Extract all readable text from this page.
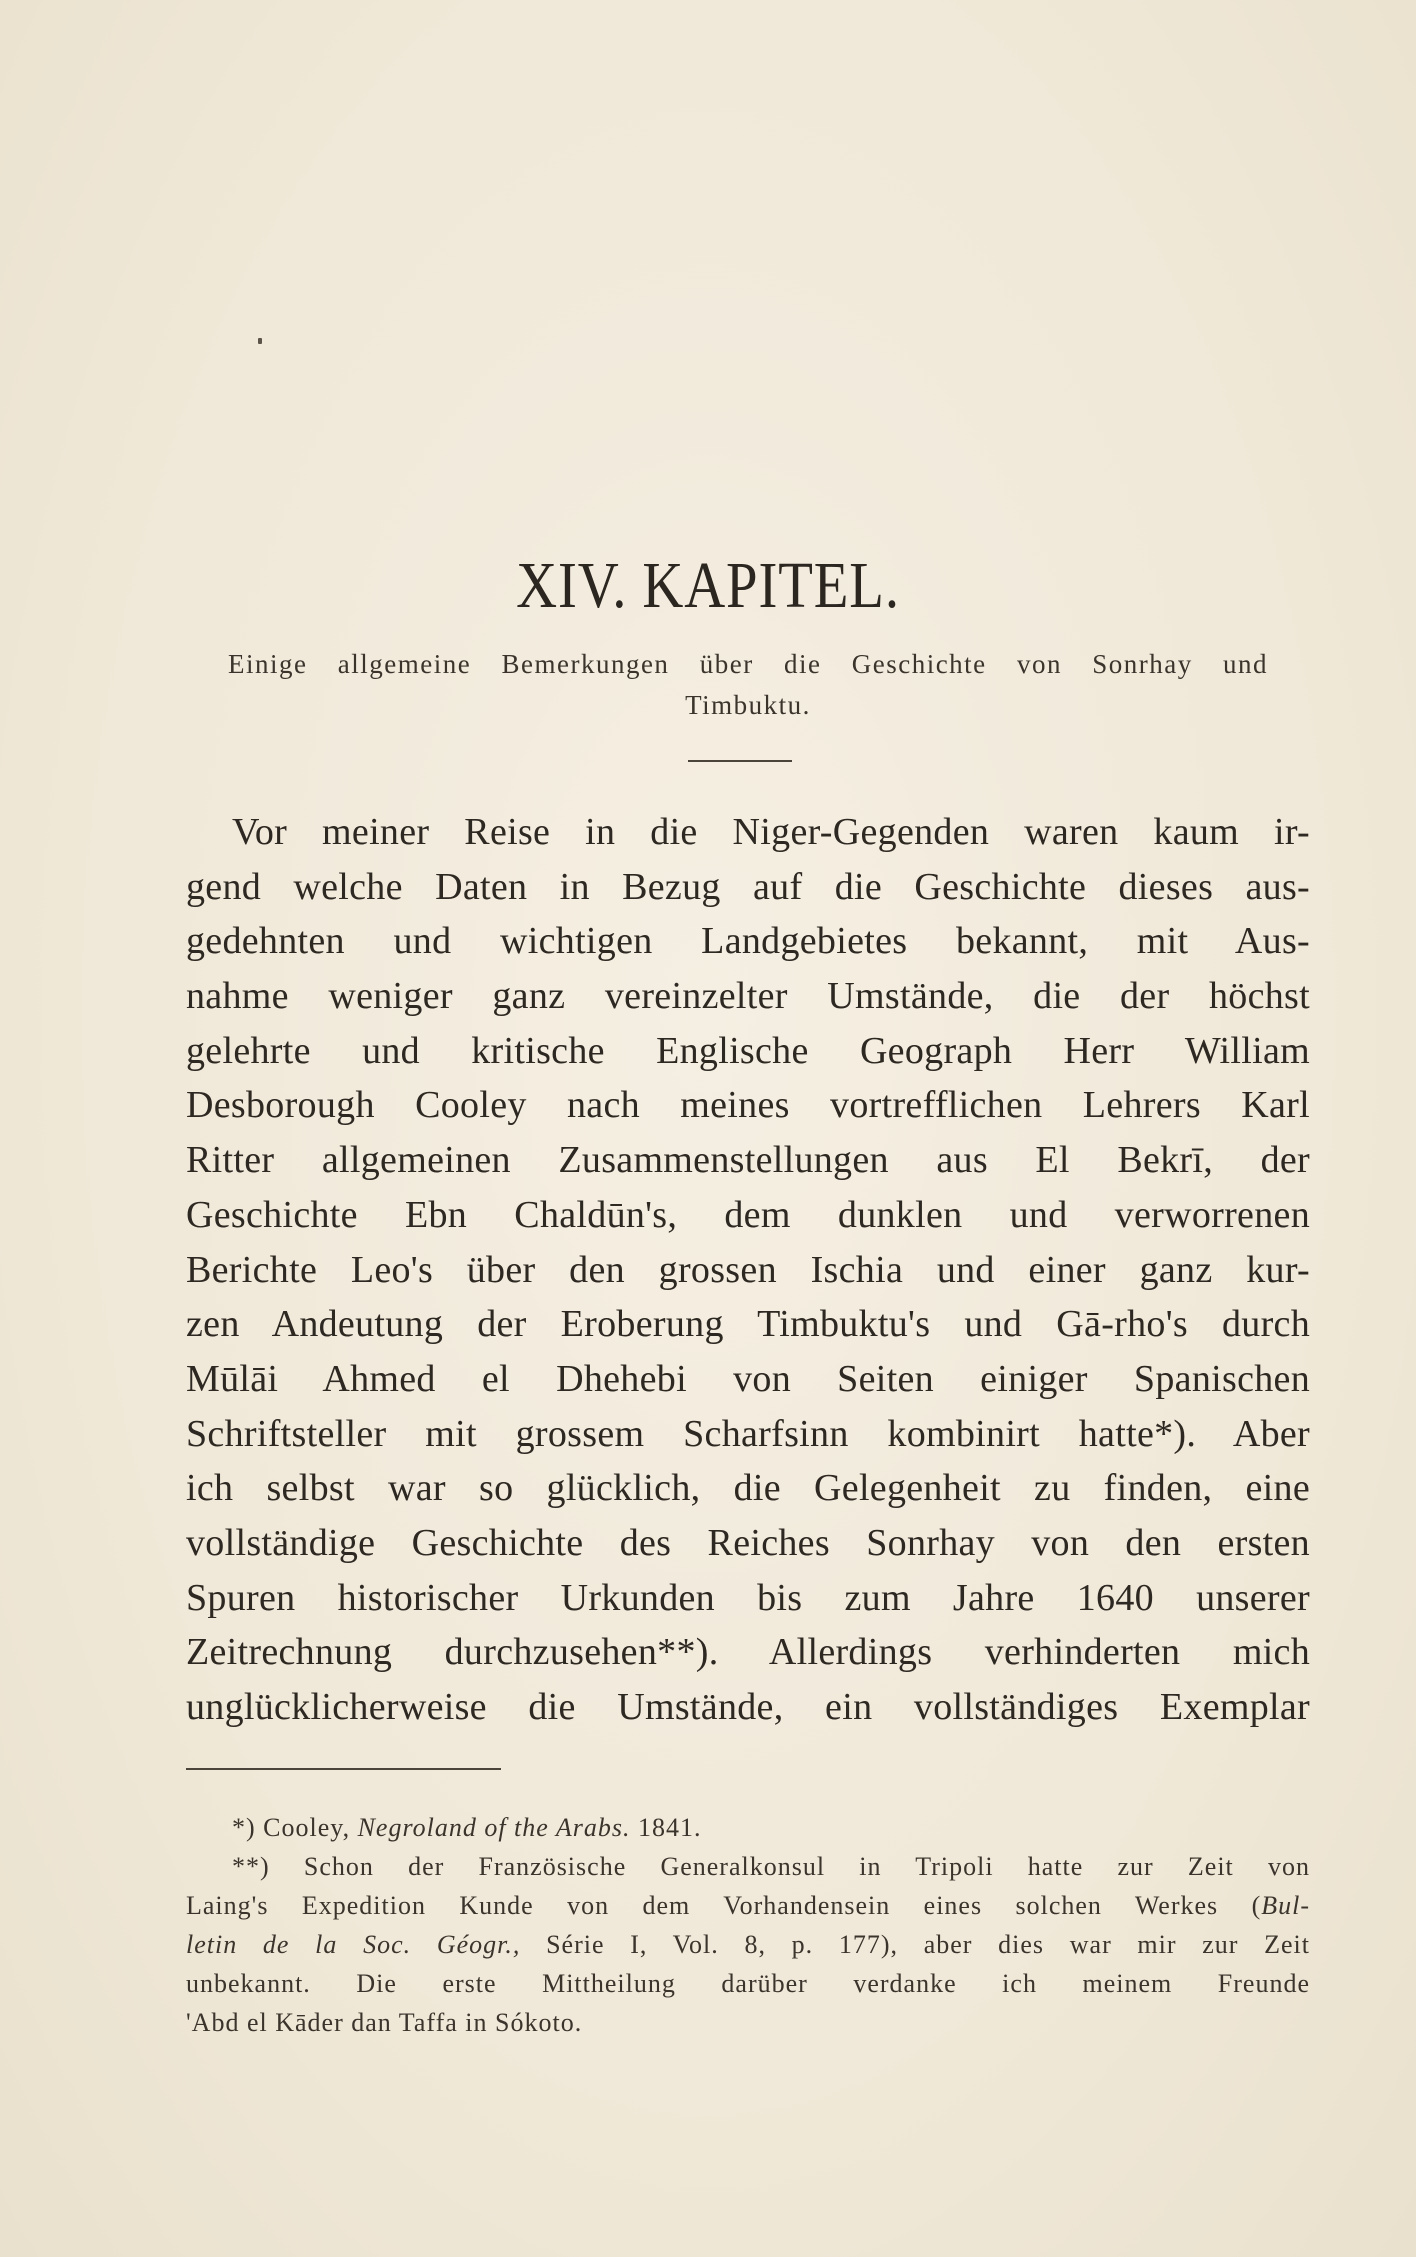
XIV. KAPITEL.
Einige allgemeine Bemerkungen über die Geschichte von Sonrhay und
Timbuktu.
Vor meiner Reise in die Niger-Gegenden waren kaum ir-
gend welche Daten in Bezug auf die Geschichte dieses aus-
gedehnten und wichtigen Landgebietes bekannt, mit Aus-
nahme weniger ganz vereinzelter Umstände, die der höchst
gelehrte und kritische Englische Geograph Herr William
Desborough Cooley nach meines vortrefflichen Lehrers Karl
Ritter allgemeinen Zusammenstellungen aus El Bekrī, der
Geschichte Ebn Chaldūn's, dem dunklen und verworrenen
Berichte Leo's über den grossen Ischia und einer ganz kur-
zen Andeutung der Eroberung Timbuktu's und Gā-rho's durch
Mūlāi Ahmed el Dhehebi von Seiten einiger Spanischen
Schriftsteller mit grossem Scharfsinn kombinirt hatte*). Aber
ich selbst war so glücklich, die Gelegenheit zu finden, eine
vollständige Geschichte des Reiches Sonrhay von den ersten
Spuren historischer Urkunden bis zum Jahre 1640 unserer
Zeitrechnung durchzusehen**). Allerdings verhinderten mich
unglücklicherweise die Umstände, ein vollständiges Exemplar
*) Cooley, Negroland of the Arabs. 1841.
**) Schon der Französische Generalkonsul in Tripoli hatte zur Zeit von
Laing's Expedition Kunde von dem Vorhandensein eines solchen Werkes (Bul-
letin de la Soc. Géogr., Série I, Vol. 8, p. 177), aber dies war mir zur Zeit
unbekannt. Die erste Mittheilung darüber verdanke ich meinem Freunde
'Abd el Kāder dan Taffa in Sókoto.
